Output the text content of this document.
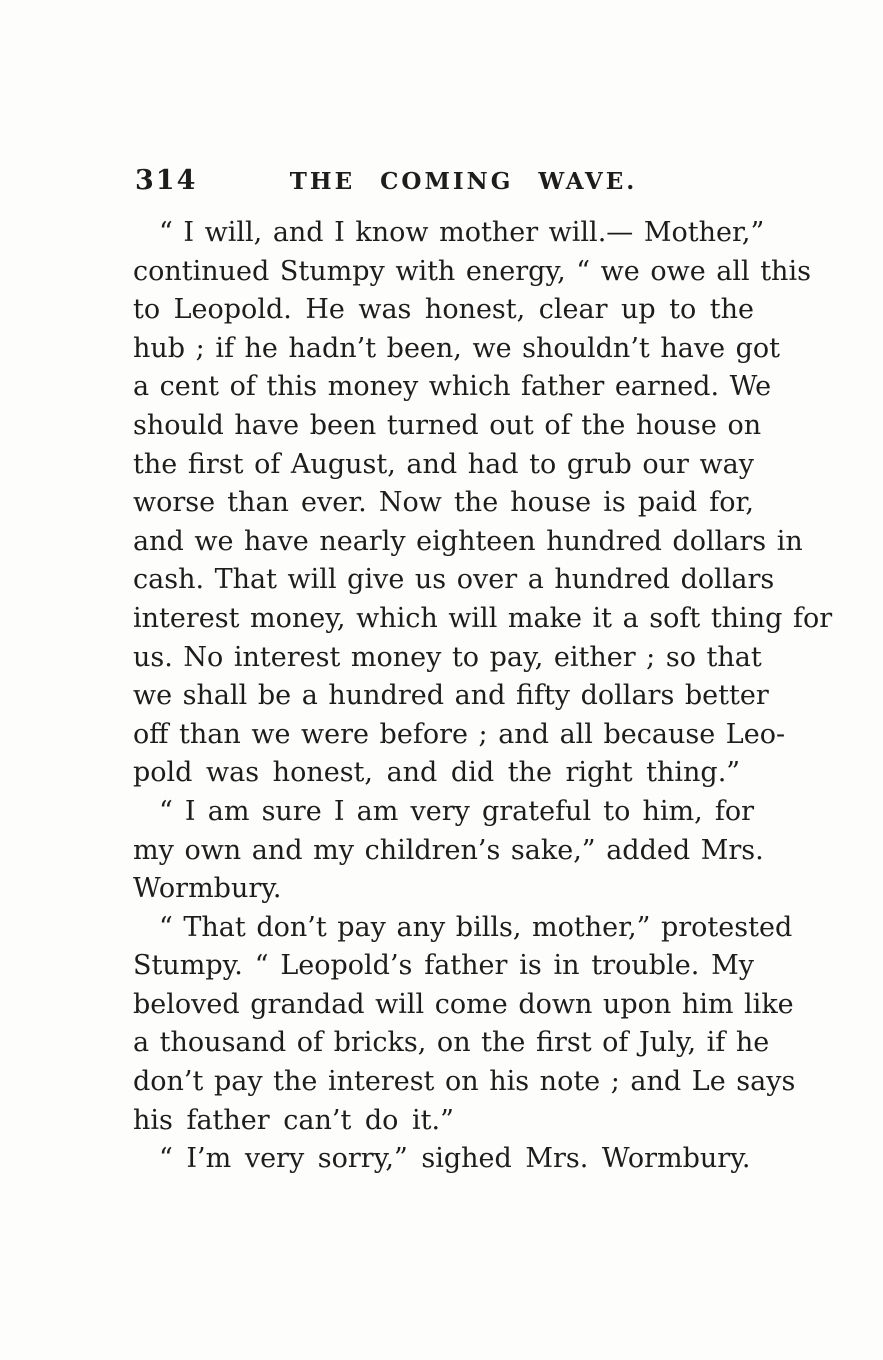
314	THE COMING WAVE.
“ I will, and I know mother will.— Mother,”
continued Stumpy with energy, “ we owe all this
to Leopold. He was honest, clear up to the
hub ; if he hadn’t been, we shouldn’t have got
a cent of this money which father earned. We
should have been turned out of the house on
the first of August, and had to grub our way
worse than ever. Now the house is paid for,
and we have nearly eighteen hundred dollars in
cash. That will give us over a hundred dollars
interest money, which will make it a soft thing for
us. No interest money to pay, either ; so that
we shall be a hundred and fifty dollars better
off than we were before ; and all because Leo-
pold was honest, and did the right thing.”
“ I am sure I am very grateful to him, for
my own and my children’s sake,” added Mrs.
Wormbury.
“ That don’t pay any bills, mother,” protested
Stumpy. “ Leopold’s father is in trouble. My
beloved grandad will come down upon him like
a thousand of bricks, on the first of July, if he
don’t pay the interest on his note ; and Le says
his father can’t do it.”
“ I’m very sorry,” sighed Mrs. Wormbury.
